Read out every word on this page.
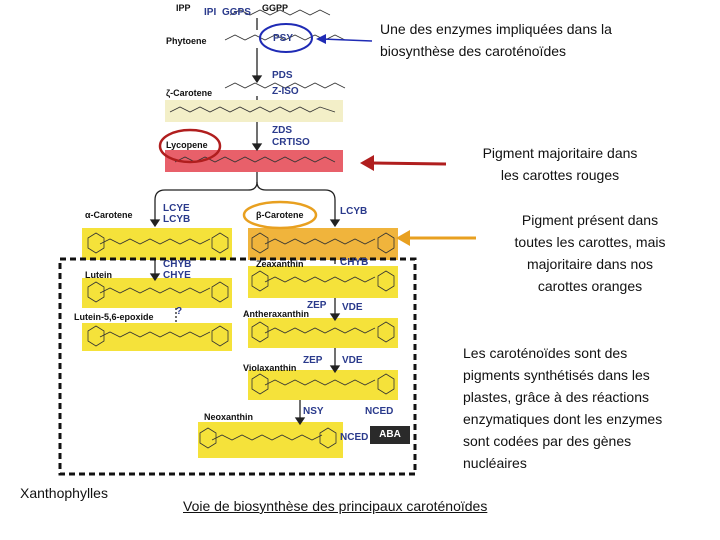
IPP IPI GGPS GGPP
Phytoene	PSY
PDS
ζ-Carotene	Z-ISO
ZDS
CRTISO
Lycopene
α-Carotene
LCYE
LCYB	β-Carotene	LCYB
CHYB
CHYE
Lutein
Zeaxanthin	CHYB
Lutein-5,6-epoxide ?
ZEP VDE
Antheraxanthin
ZEP VDE
Violaxanthin
Neoxanthin	NSY	NCED
NCED	ABA
Une des enzymes impliquées dans la
biosynthèse des caroténoïdes
Pigment majoritaire dans
les carottes rouges
Pigment présent dans
toutes les carottes, mais
majoritaire dans nos
carottes oranges
Les caroténoïdes sont des
pigments synthétisés dans les
plastes, grâce à des réactions
enzymatiques dont les enzymes
sont codées par des gènes
nucléaires
Xanthophylles
Voie de biosynthèse des principaux caroténoïdes
